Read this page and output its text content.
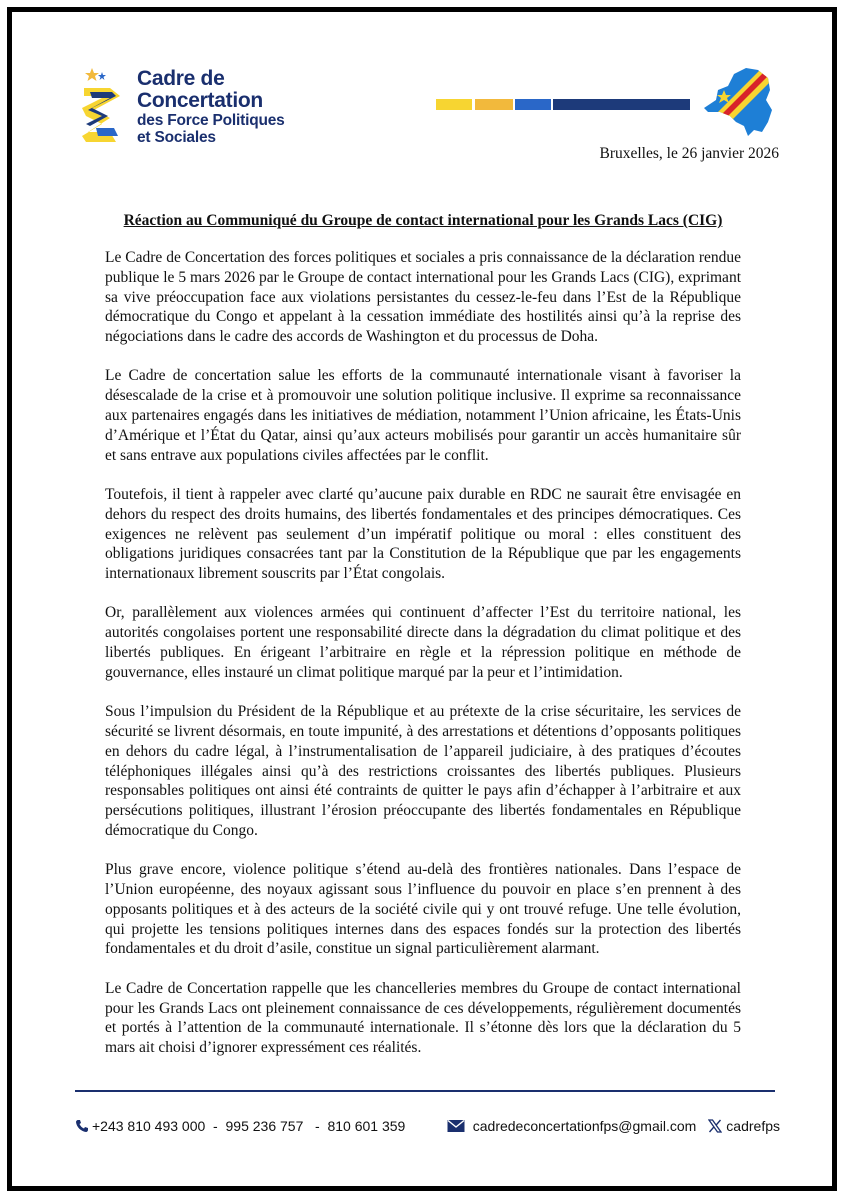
Cadre de
Concertation
des Force Politiques
et Sociales
Bruxelles, le 26 janvier 2026
Réaction au Communiqué du Groupe de contact international pour les Grands Lacs (CIG)

Le Cadre de Concertation des forces politiques et sociales a pris connaissance de la déclaration rendue publique le 5 mars 2026 par le Groupe de contact international pour les Grands Lacs (CIG), exprimant sa vive préoccupation face aux violations persistantes du cessez-le-feu dans l’Est de la République démocratique du Congo et appelant à la cessation immédiate des hostilités ainsi qu’à la reprise des négociations dans le cadre des accords de Washington et du processus de Doha.

Le Cadre de concertation salue les efforts de la communauté internationale visant à favoriser la désescalade de la crise et à promouvoir une solution politique inclusive. Il exprime sa reconnaissance aux partenaires engagés dans les initiatives de médiation, notamment l’Union africaine, les États-Unis d’Amérique et l’État du Qatar, ainsi qu’aux acteurs mobilisés pour garantir un accès humanitaire sûr et sans entrave aux populations civiles affectées par le conflit.

Toutefois, il tient à rappeler avec clarté qu’aucune paix durable en RDC ne saurait être envisagée en dehors du respect des droits humains, des libertés fondamentales et des principes démocratiques. Ces exigences ne relèvent pas seulement d’un impératif politique ou moral : elles constituent des obligations juridiques consacrées tant par la Constitution de la République que par les engagements internationaux librement souscrits par l’État congolais.

Or, parallèlement aux violences armées qui continuent d’affecter l’Est du territoire national, les autorités congolaises portent une responsabilité directe dans la dégradation du climat politique et des libertés publiques. En érigeant l’arbitraire en règle et la répression politique en méthode de gouvernance, elles instauré un climat politique marqué par la peur et l’intimidation.

Sous l’impulsion du Président de la République et au prétexte de la crise sécuritaire, les services de sécurité se livrent désormais, en toute impunité, à des arrestations et détentions d’opposants politiques en dehors du cadre légal, à l’instrumentalisation de l’appareil judiciaire, à des pratiques d’écoutes téléphoniques illégales ainsi qu’à des restrictions croissantes des libertés publiques. Plusieurs responsables politiques ont ainsi été contraints de quitter le pays afin d’échapper à l’arbitraire et aux persécutions politiques, illustrant l’érosion préoccupante des libertés fondamentales en République démocratique du Congo.

Plus grave encore, violence politique s’étend au-delà des frontières nationales. Dans l’espace de l’Union européenne, des noyaux agissant sous l’influence du pouvoir en place s’en prennent à des opposants politiques et à des acteurs de la société civile qui y ont trouvé refuge. Une telle évolution, qui projette les tensions politiques internes dans des espaces fondés sur la protection des libertés fondamentales et du droit d’asile, constitue un signal particulièrement alarmant.

Le Cadre de Concertation rappelle que les chancelleries membres du Groupe de contact international pour les Grands Lacs ont pleinement connaissance de ces développements, régulièrement documentés et portés à l’attention de la communauté internationale. Il s’étonne dès lors que la déclaration du 5 mars ait choisi d’ignorer expressément ces réalités.

+243 810 493 000  -  995 236 757   -  810 601 359	cadredeconcertationfps@gmail.com cadrefps
